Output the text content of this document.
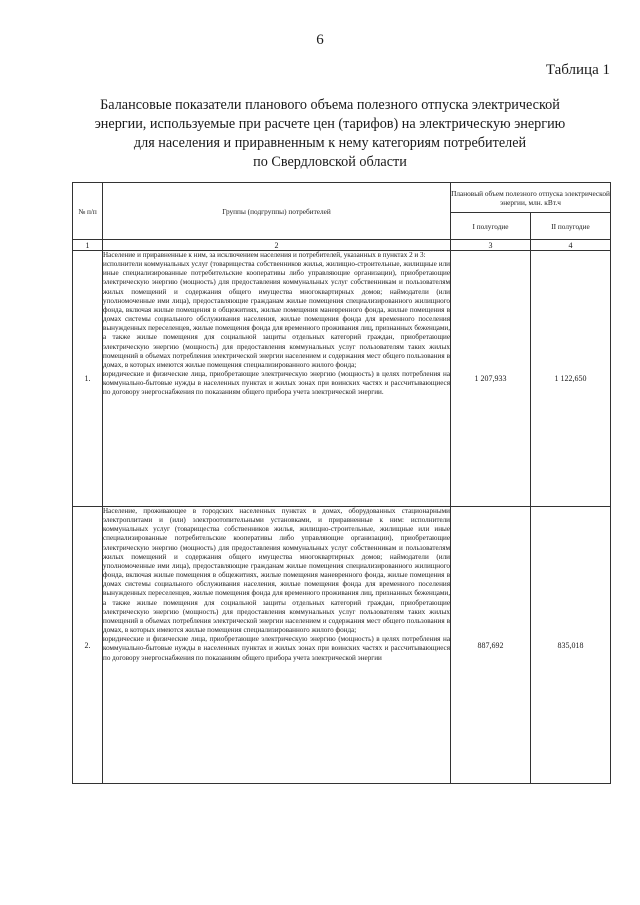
6
Таблица 1
Балансовые показатели планового объема полезного отпуска электрической
энергии, используемые при расчете цен (тарифов) на электрическую энергию
для населения и приравненным к нему категориям потребителей
по Свердловской области
№ п/п	Группы (подгруппы) потребителей	Плановый объем полезного отпуска электрической энергии, млн. кВт.ч	
		I полугодие	II полугодие
1	2	3	4
1.	Население и приравненные к ним, за исключением населения и потребителей, указанных в пунктах 2 и 3:

исполнители коммунальных услуг (товарищества собственников жилья, жилищно-строительные, жилищные или иные специализированные потребительские кооперативы либо управляющие организации), приобретающие электрическую энергию (мощность) для предоставления коммунальных услуг собственникам и пользователям жилых помещений и содержания общего имущества многоквартирных домов; наймодатели (или уполномоченные ими лица), предоставляющие гражданам жилые помещения специализированного жилищного фонда, включая жилые помещения в общежитиях, жилые помещения маневренного фонда, жилые помещения в домах системы социального обслуживания населения, жилые помещения фонда для временного поселения вынужденных переселенцев, жилые помещения фонда для временного проживания лиц, признанных беженцами, а также жилые помещения для социальной защиты отдельных категорий граждан, приобретающие электрическую энергию (мощность) для предоставления коммунальных услуг пользователям таких жилых помещений в объемах потребления электрической энергии населением и содержания мест общего пользования в домах, в которых имеются жилые помещения специализированного жилого фонда;

юридические и физические лица, приобретающие электрическую энергию (мощность) в целях потребления на коммунально-бытовые нужды в населенных пунктах и жилых зонах при воинских частях и рассчитывающиеся по договору энергоснабжения по показаниям общего прибора учета электрической энергии.	1 207,933	1 122,650
2.	Население, проживающее в городских населенных пунктах в домах, оборудованных стационарными электроплитами и (или) электроотопительными установками, и приравненные к ним: исполнители коммунальных услуг (товарищества собственников жилья, жилищно-строительные, жилищные или иные специализированные потребительские кооперативы либо управляющие организации), приобретающие электрическую энергию (мощность) для предоставления коммунальных услуг собственникам и пользователям жилых помещений и содержания общего имущества многоквартирных домов; наймодатели (или уполномоченные ими лица), предоставляющие гражданам жилые помещения специализированного жилищного фонда, включая жилые помещения в общежитиях, жилые помещения маневренного фонда, жилые помещения в домах системы социального обслуживания населения, жилые помещения фонда для временного поселения вынужденных переселенцев, жилые помещения фонда для временного проживания лиц, признанных беженцами, а также жилые помещения для социальной защиты отдельных категорий граждан, приобретающие электрическую энергию (мощность) для предоставления коммунальных услуг пользователям таких жилых помещений в объемах потребления электрической энергии населением и содержания мест общего пользования в домах, в которых имеются жилые помещения специализированного жилого фонда;

юридические и физические лица, приобретающие электрическую энергию (мощность) в целях потребления на коммунально-бытовые нужды в населенных пунктах и жилых зонах при воинских частях и рассчитывающиеся по договору энергоснабжения по показаниям общего прибора учета электрической энергии	887,692	835,018
